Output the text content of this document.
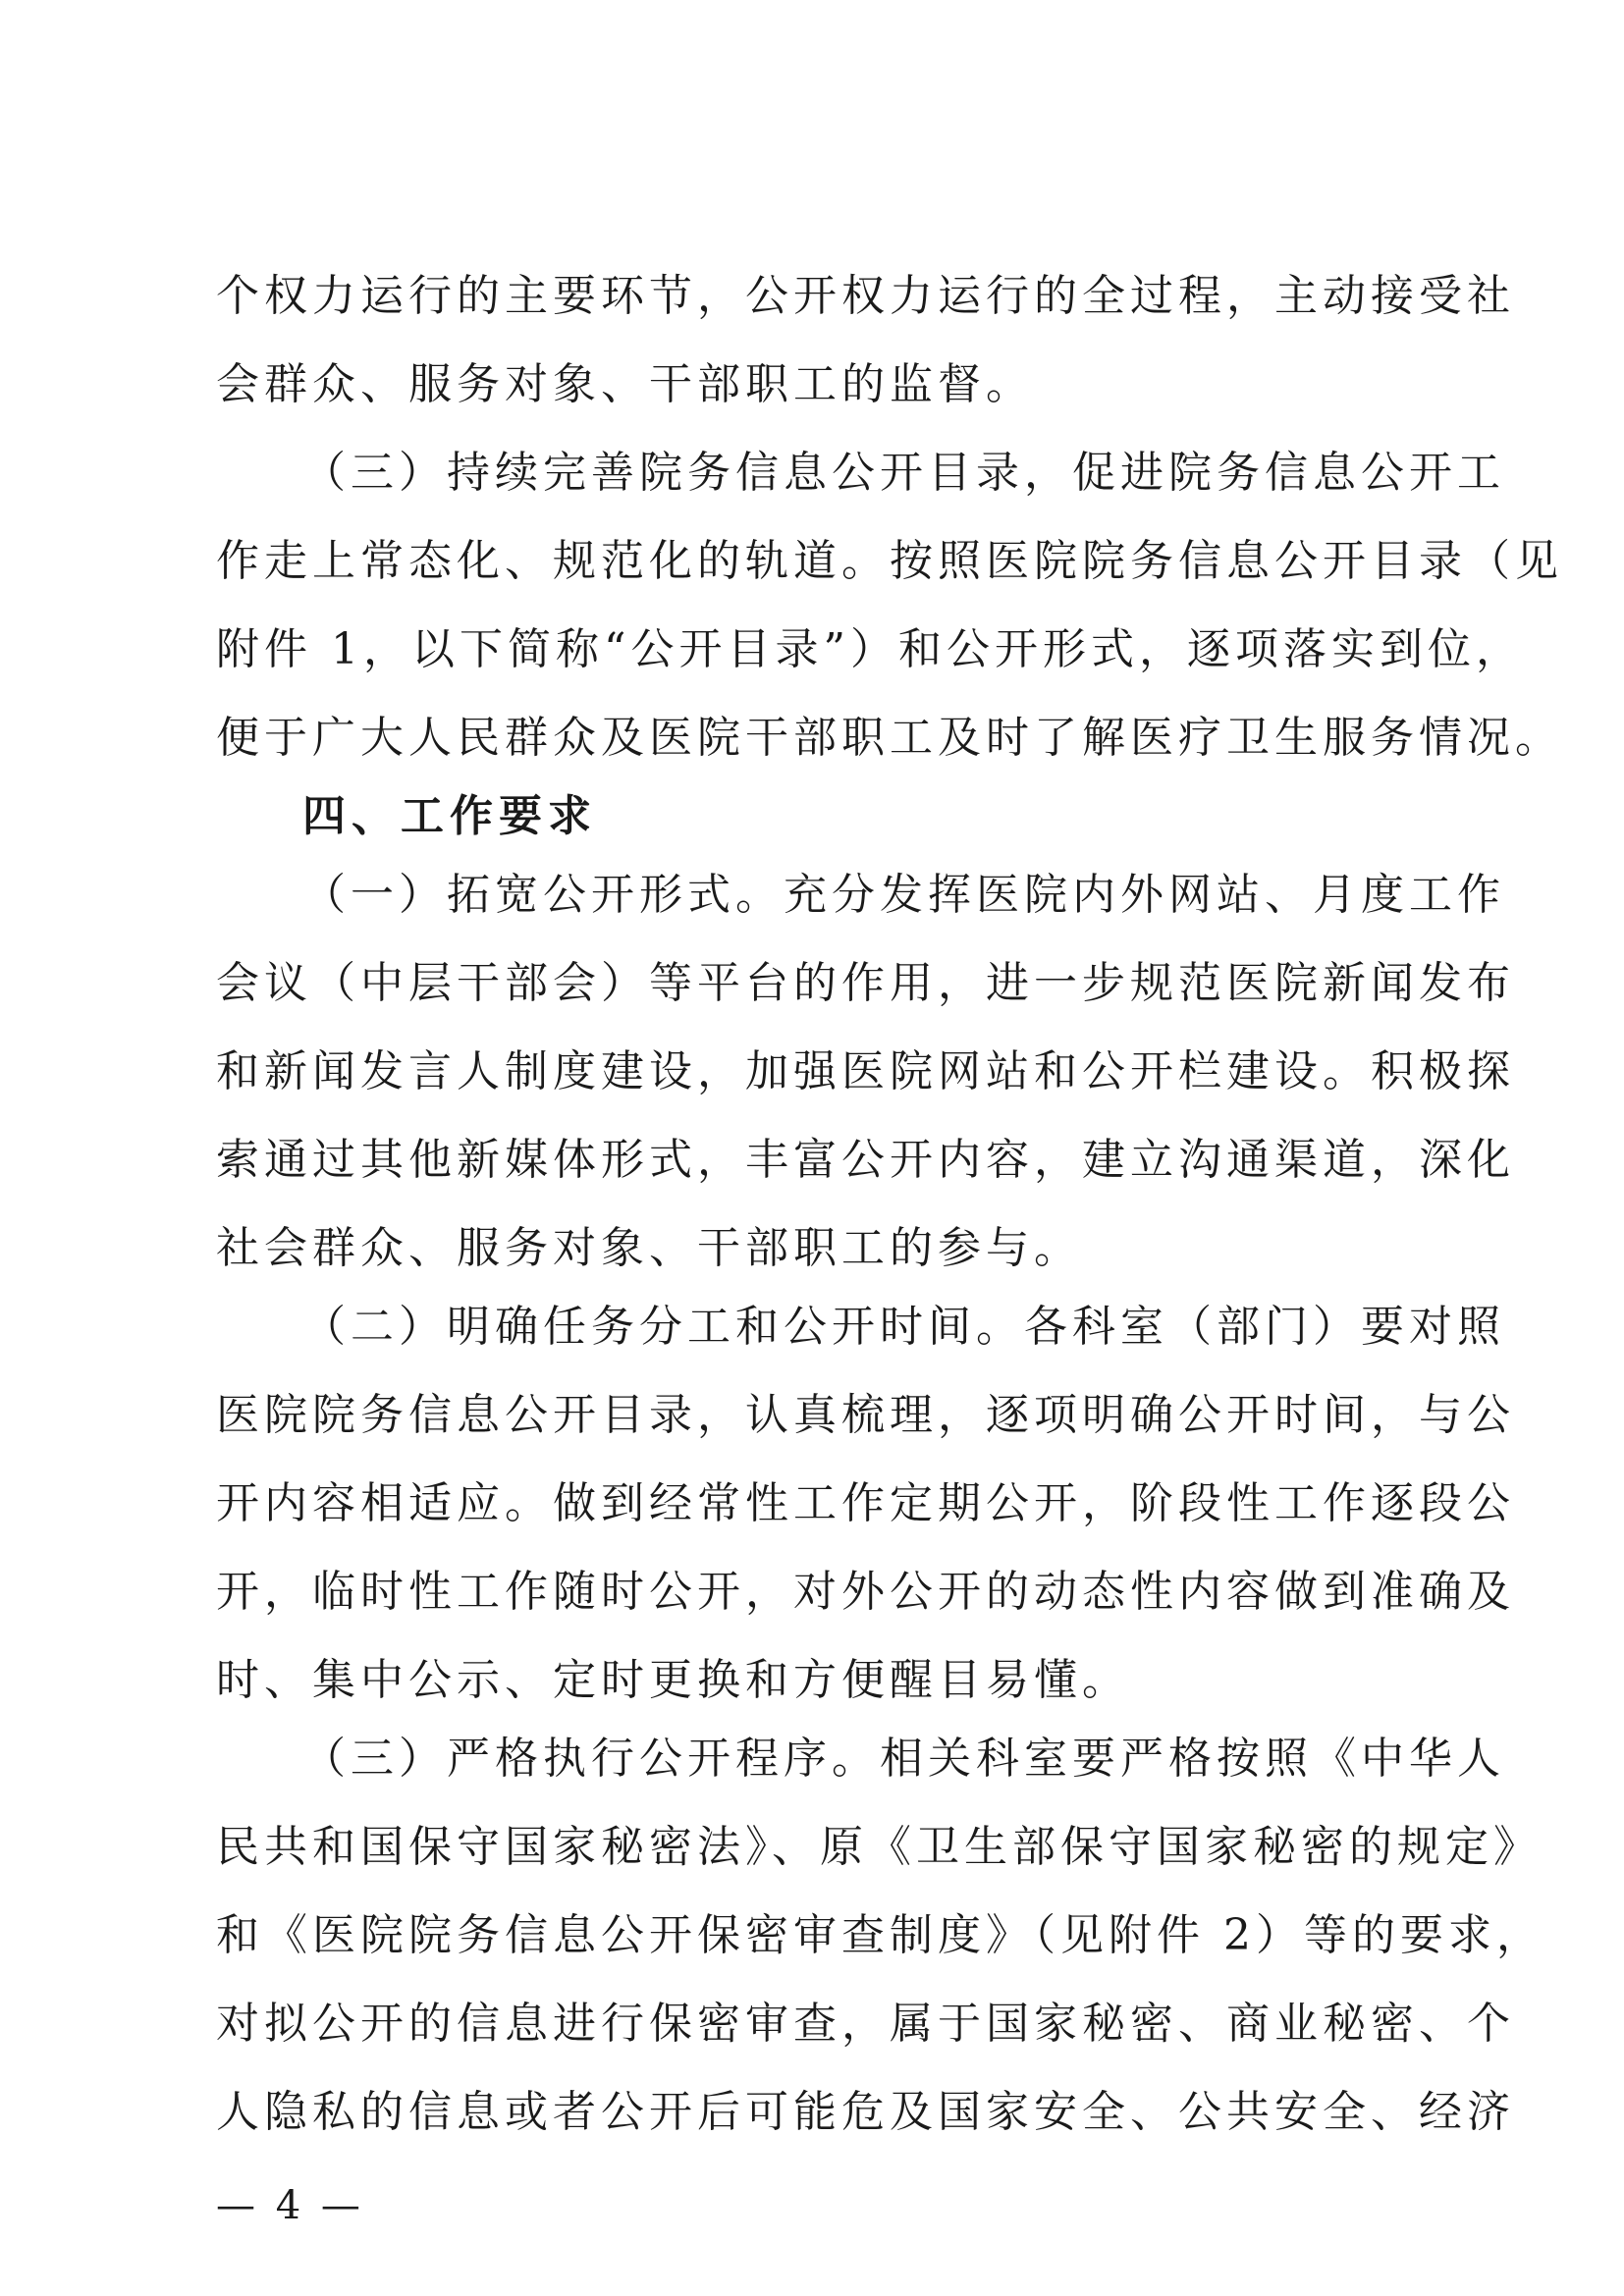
个权力运行的主要环节，公开权力运行的全过程，主动接受社
会群众、服务对象、干部职工的监督。
（三）持续完善院务信息公开目录，促进院务信息公开工
作走上常态化、规范化的轨道。按照医院院务信息公开目录（见
附件 1，以下简称“公开目录”）和公开形式，逐项落实到位，
便于广大人民群众及医院干部职工及时了解医疗卫生服务情况。
四、工作要求
（一）拓宽公开形式。充分发挥医院内外网站、月度工作
会议（中层干部会）等平台的作用，进一步规范医院新闻发布
和新闻发言人制度建设，加强医院网站和公开栏建设。积极探
索通过其他新媒体形式，丰富公开内容，建立沟通渠道，深化
社会群众、服务对象、干部职工的参与。
（二）明确任务分工和公开时间。各科室（部门）要对照
医院院务信息公开目录，认真梳理，逐项明确公开时间，与公
开内容相适应。做到经常性工作定期公开，阶段性工作逐段公
开，临时性工作随时公开，对外公开的动态性内容做到准确及
时、集中公示、定时更换和方便醒目易懂。
（三）严格执行公开程序。相关科室要严格按照《中华人
民共和国保守国家秘密法》、原《卫生部保守国家秘密的规定》
和《医院院务信息公开保密审查制度》（见附件 2）等的要求，
对拟公开的信息进行保密审查，属于国家秘密、商业秘密、个
人隐私的信息或者公开后可能危及国家安全、公共安全、经济
— 4 —
